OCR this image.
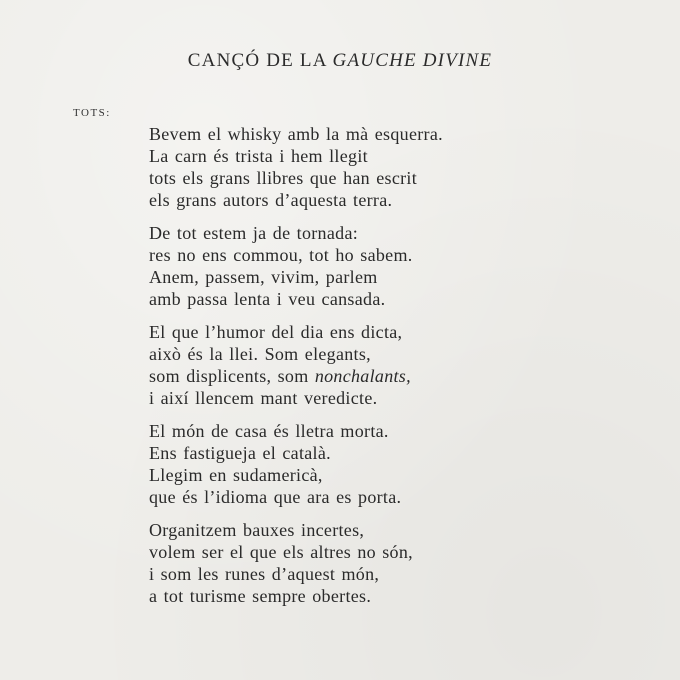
CANÇÓ DE LA GAUCHE DIVINE
TOTS:
Bevem el whisky amb la mà esquerra.
La carn és trista i hem llegit
tots els grans llibres que han escrit
els grans autors d’aquesta terra.
De tot estem ja de tornada:
res no ens commou, tot ho sabem.
Anem, passem, vivim, parlem
amb passa lenta i veu cansada.
El que l’humor del dia ens dicta,
això és la llei. Som elegants,
som displicents, som nonchalants,
i així llencem mant veredicte.
El món de casa és lletra morta.
Ens fastigueja el català.
Llegim en sudamericà,
que és l’idioma que ara es porta.
Organitzem bauxes incertes,
volem ser el que els altres no són,
i som les runes d’aquest món,
a tot turisme sempre obertes.
